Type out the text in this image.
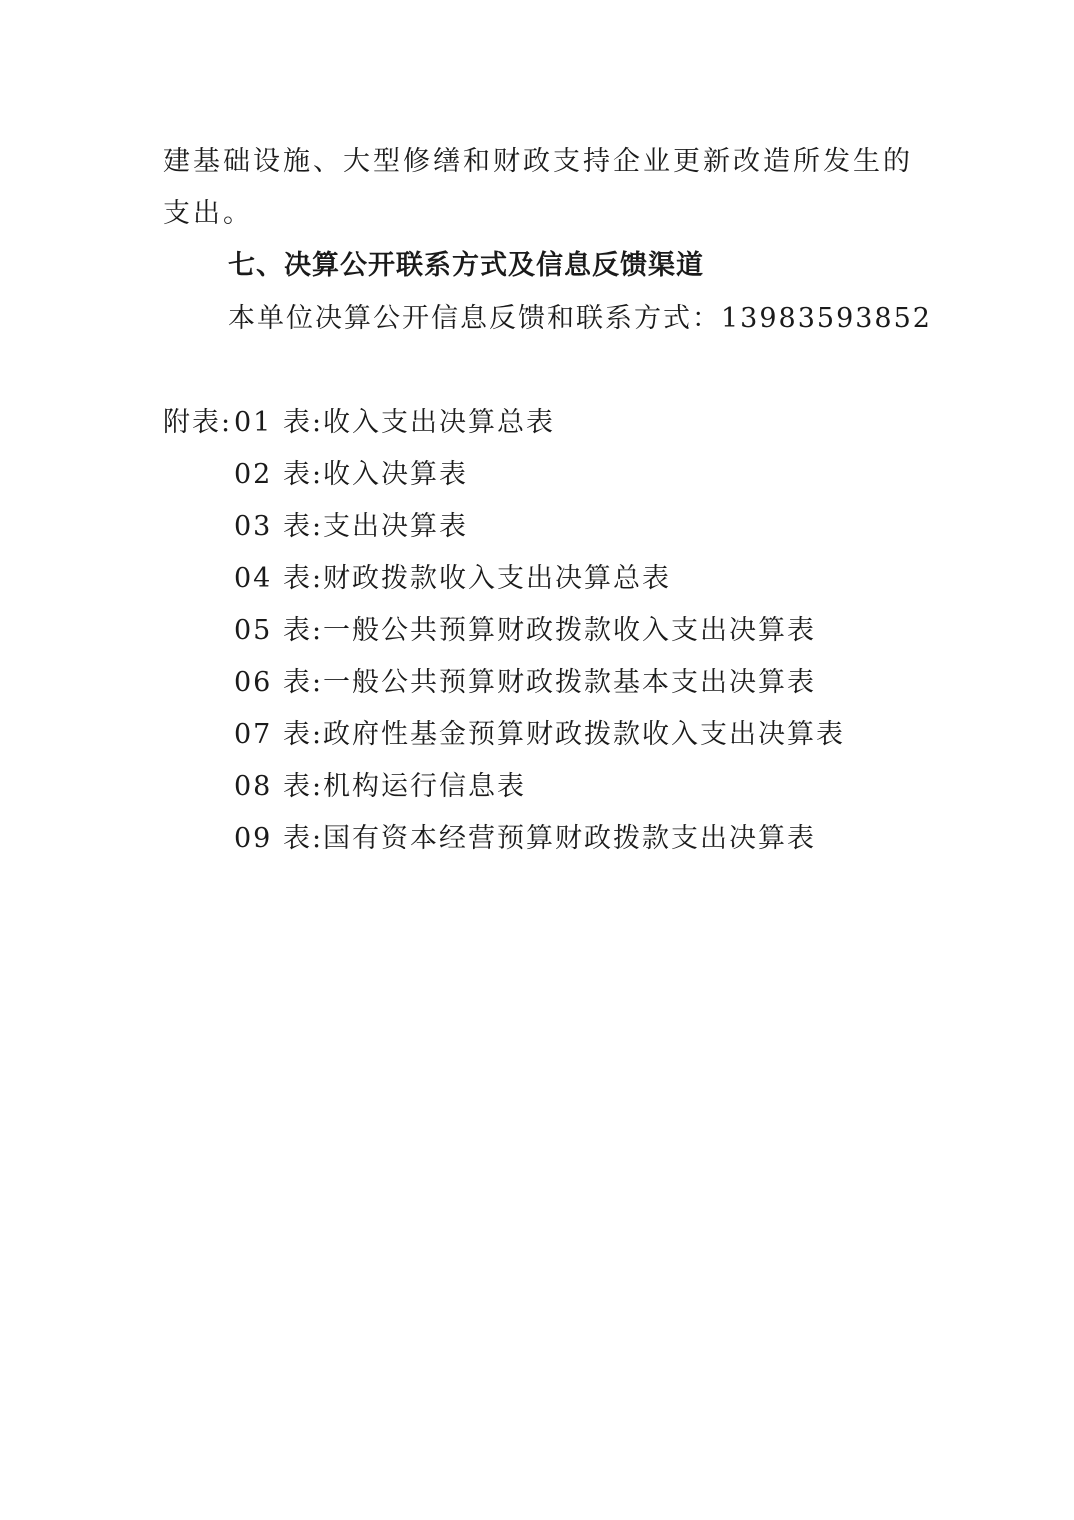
建基础设施、大型修缮和财政支持企业更新改造所发生的
支出。
七、决算公开联系方式及信息反馈渠道
本单位决算公开信息反馈和联系方式：13983593852
附表: 01 表:收入支出决算总表
02 表:收入决算表
03 表:支出决算表
04 表:财政拨款收入支出决算总表
05 表:一般公共预算财政拨款收入支出决算表
06 表:一般公共预算财政拨款基本支出决算表
07 表:政府性基金预算财政拨款收入支出决算表
08 表:机构运行信息表
09 表:国有资本经营预算财政拨款支出决算表
